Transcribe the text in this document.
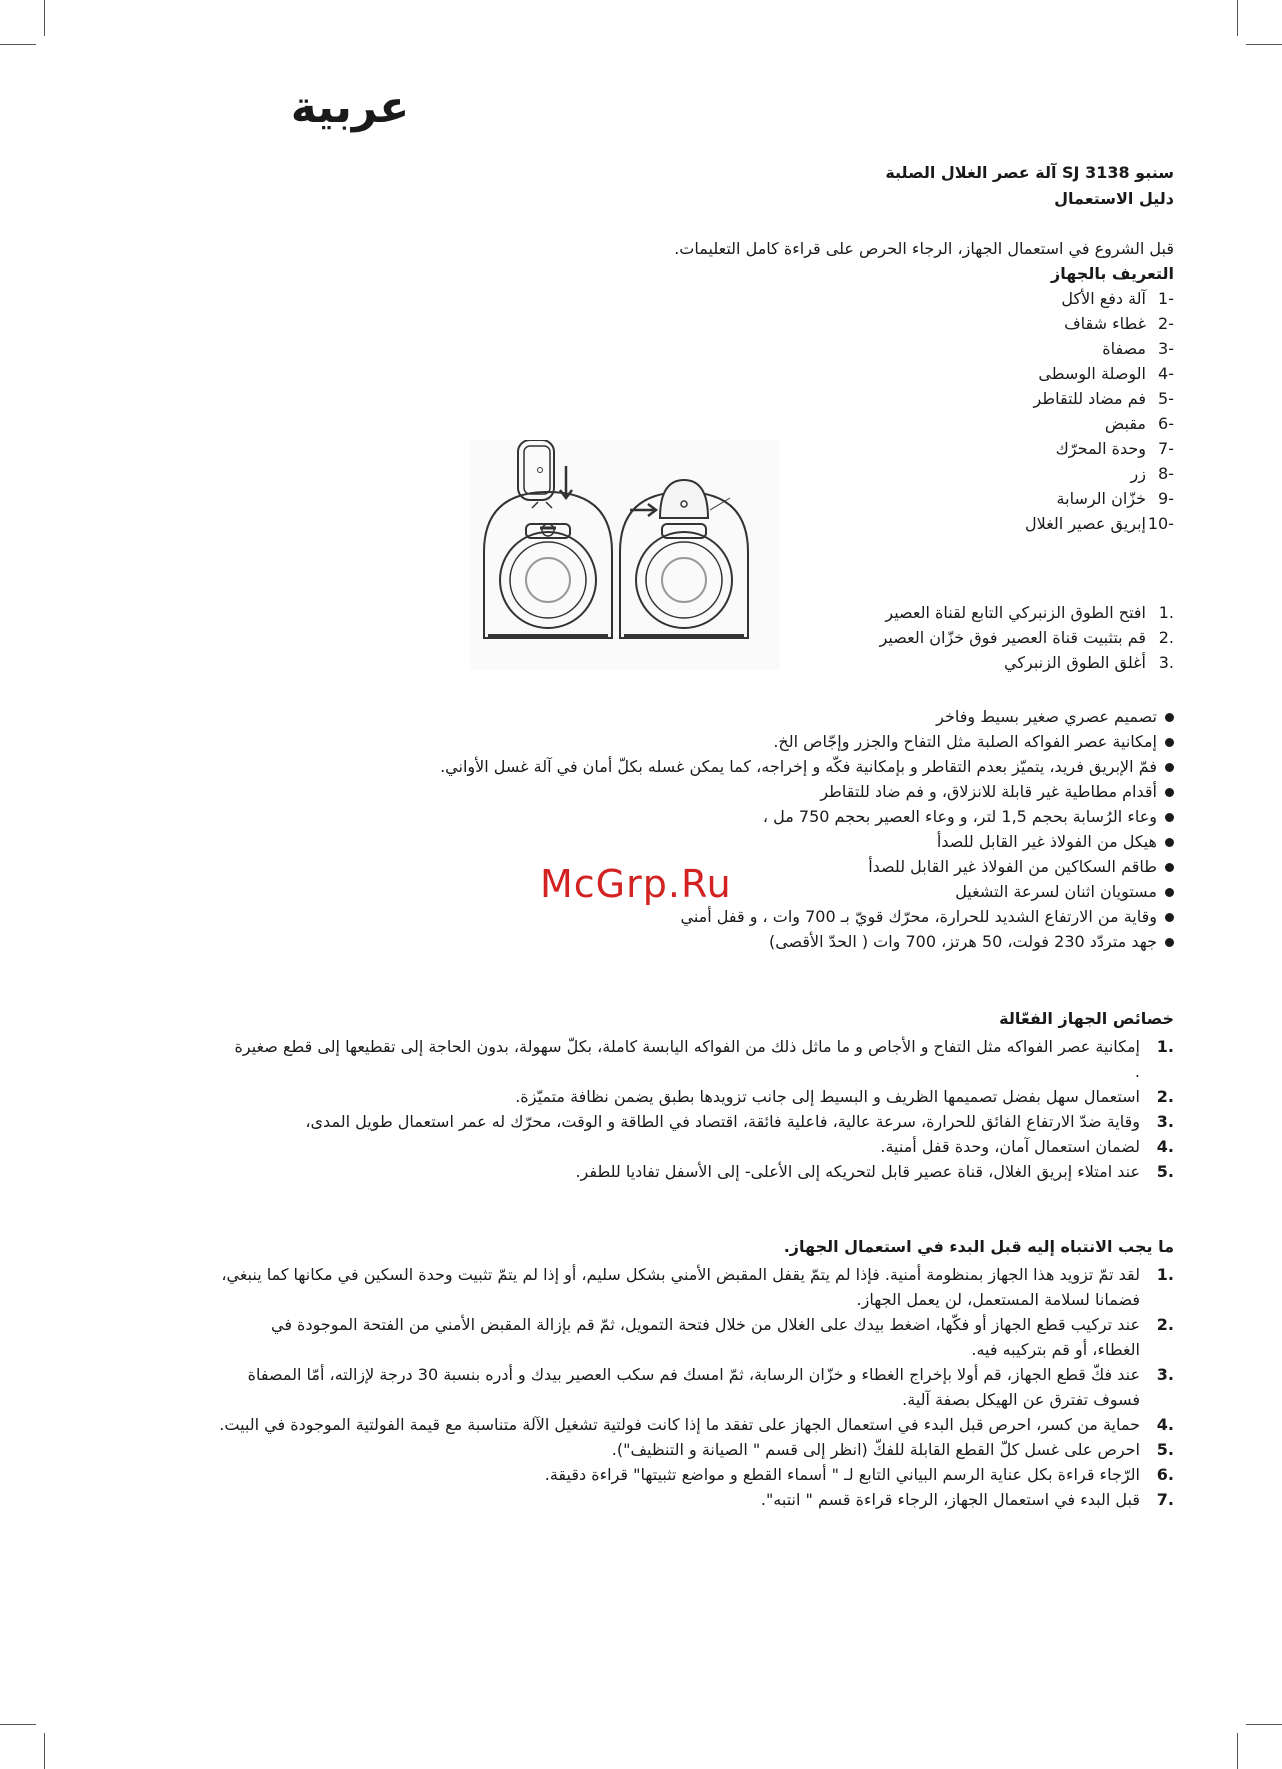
عربية
سنبو SJ 3138 آلة عصر الغلال الصلبة
دليل الاستعمال
قبل الشروع في استعمال الجهاز، الرجاء الحرص على قراءة كامل التعليمات.
التعريف بالجهاز
-1آلة دفع الأكل
-2غطاء شقاف
-3مصفاة
-4الوصلة الوسطى
-5فم مضاد للتقاطر
-6مقبض
-7وحدة المحرّك
-8زر
-9خزّان الرسابة
-10إبريق عصير الغلال
.1افتح الطوق الزنبركي التابع لقناة العصير
.2قم بتثبيت قناة العصير فوق خزّان العصير
.3أغلق الطوق الزنبركي
تصميم عصري صغير بسيط وفاخر
إمكانية عصر الفواكه الصلبة مثل التفاح والجزر وإجّاص الخ.
فمّ الإبريق فريد، يتميّز بعدم التقاطر و بإمكانية فكّه و إخراجه، كما يمكن غسله بكلّ أمان في آلة غسل الأواني.
أقدام مطاطية غير قابلة للانزلاق، و فم ضاد للتقاطر
وعاء الرُسابة بحجم 1,5 لتر، و وعاء العصير بحجم 750 مل ،
هيكل من الفولاذ غير القابل للصدأ
طاقم السكاكين من الفولاذ غير القابل للصدأ
مستويان اثنان لسرعة التشغيل
وقاية من الارتفاع الشديد للحرارة، محرّك قويّ بـ 700 وات ، و قفل أمني
جهد متردّد 230 فولت، 50 هرتز، 700 وات ( الحدّ الأقصى)
خصائص الجهاز الفعّالة
.1إمكانية عصر الفواكه مثل التفاح و الأجاص و ما ماثل ذلك من الفواكه اليابسة كاملة، بكلّ سهولة، بدون الحاجة إلى تقطيعها إلى قطع صغيرة
.
.2استعمال سهل بفضل تصميمها الظريف و البسيط إلى جانب تزويدها بطبق يضمن نظافة متميّزة.
.3وقاية ضدّ الارتفاع الفائق للحرارة، سرعة عالية، فاعلية فائقة، اقتصاد في الطاقة و الوقت، محرّك له عمر استعمال طويل المدى،
.4لضمان استعمال آمان، وحدة قفل أمنية.
.5عند امتلاء إبريق الغلال، قناة عصير قابل لتحريكه إلى الأعلى- إلى الأسفل تفاديا للطفر.
ما يجب الانتباه إليه قبل البدء في استعمال الجهاز.
.1لقد تمّ تزويد هذا الجهاز بمنظومة أمنية. فإذا لم يتمّ يقفل المقبض الأمني بشكل سليم، أو إذا لم يتمّ تثبيت وحدة السكين في مكانها كما ينبغي،
فضمانا لسلامة المستعمل، لن يعمل الجهاز.
.2عند تركيب قطع الجهاز أو فكّها، اضغط بيدك على الغلال من خلال فتحة التمويل، ثمّ قم بإزالة المقبض الأمني من الفتحة الموجودة في
الغطاء، أو قم بتركيبه فيه.
.3عند فكّ قطع الجهاز، قم أولا بإخراج الغطاء و خزّان الرسابة، ثمّ امسك فم سكب العصير بيدك و أدره بنسبة 30 درجة لإزالته، أمّا المصفاة
فسوف تفترق عن الهيكل بصفة آلية.
.4حماية من كسر، احرص قبل البدء في استعمال الجهاز على تفقد ما إذا كانت فولتية تشغيل الآلة متناسبة مع قيمة الفولتية الموجودة في البيت.
.5احرص على غسل كلّ القطع القابلة للفكّ (انظر إلى قسم " الصيانة و التنظيف").
.6الرّجاء قراءة بكل عناية الرسم البياني التابع لـ " أسماء القطع و مواضع تثبيتها" قراءة دقيقة.
.7قبل البدء في استعمال الجهاز، الرجاء قراءة قسم " انتبه".
McGrp.Ru
